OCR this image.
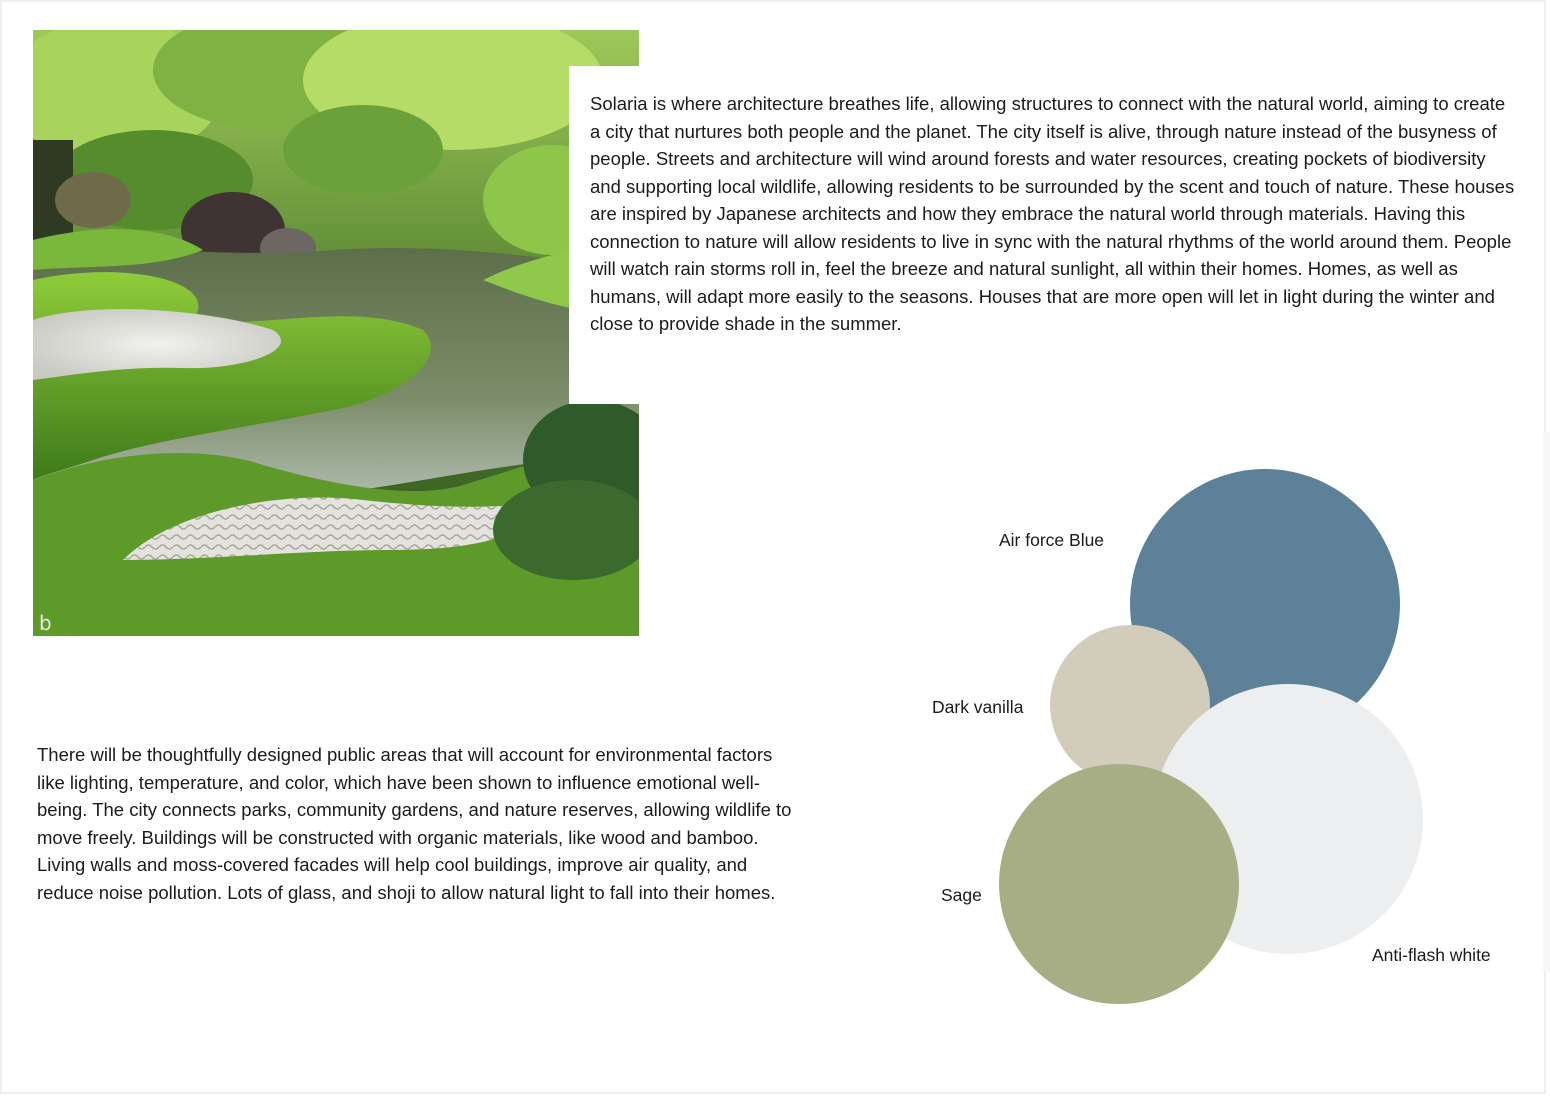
b

Solaria is where architecture breathes life, allowing structures to connect with the natural world, aiming to create a city that nurtures both people and the planet. The city itself is alive, through nature instead of the busyness of people. Streets and architecture will wind around forests and water resources, creating pockets of biodiversity and supporting local wildlife, allowing residents to be surrounded by the scent and touch of nature. These houses are inspired by Japanese architects and how they embrace the natural world through materials. Having this connection to nature will allow residents to live in sync with the natural rhythms of the world around them. People will watch rain storms roll in, feel the breeze and natural sunlight, all within their homes. Homes, as well as humans, will adapt more easily to the seasons. Houses that are more open will let in light during the winter and close to provide shade in the summer.

There will be thoughtfully designed public areas that will account for environmental factors like lighting, temperature, and color, which have been shown to influence emotional well-being. The city connects parks, community gardens, and nature reserves, allowing wildlife to move freely. Buildings will be constructed with organic materials, like wood and bamboo. Living walls and moss-covered facades will help cool buildings, improve air quality, and reduce noise pollution. Lots of glass, and shoji to allow natural light to fall into their homes.

Air force Blue
Dark vanilla
Sage
Anti-flash white
